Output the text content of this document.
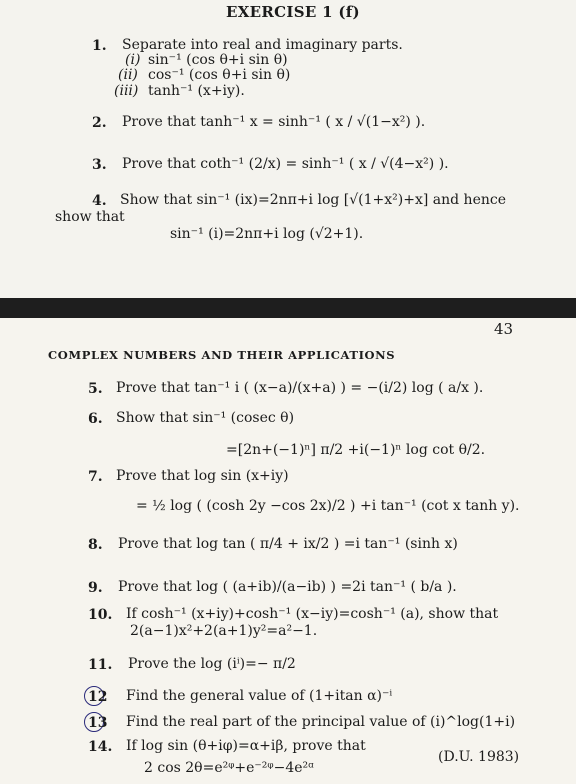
EXERCISE 1 (f)
1. Separate into real and imaginary parts.
(i) sin⁻¹ (cos θ+i sin θ)
(ii) cos⁻¹ (cos θ+i sin θ)
(iii) tanh⁻¹ (x+iy).
2. Prove that tanh⁻¹ x = sinh⁻¹ ( x / √(1−x²) ).
3. Prove that coth⁻¹ (2/x) = sinh⁻¹ ( x / √(4−x²) ).
4. Show that sin⁻¹ (ix)=2nπ+i log [√(1+x²)+x] and hence
show that
sin⁻¹ (i)=2nπ+i log (√2+1).
43
COMPLEX NUMBERS AND THEIR APPLICATIONS
5. Prove that tan⁻¹ i ( (x−a)/(x+a) ) = −(i/2) log ( a/x ).
6. Show that sin⁻¹ (cosec θ)
=[2n+(−1)ⁿ] π/2 +i(−1)ⁿ log cot θ/2.
7. Prove that log sin (x+iy)
= ½ log ( (cosh 2y −cos 2x)/2 ) +i tan⁻¹ (cot x tanh y).
8. Prove that log tan ( π/4 + ix/2 ) =i tan⁻¹ (sinh x)
9. Prove that log ( (a+ib)/(a−ib) ) =2i tan⁻¹ ( b/a ).
10. If cosh⁻¹ (x+iy)+cosh⁻¹ (x−iy)=cosh⁻¹ (a), show that
2(a−1)x²+2(a+1)y²=a²−1.
11. Prove the log (iⁱ)=− π/2
12 Find the general value of (1+itan α)⁻ⁱ
13 Find the real part of the principal value of (i)^log(1+i)
14. If log sin (θ+iφ)=α+iβ, prove that
2 cos 2θ=e²ᵠ+e⁻²ᵠ−4e²ᵅ
(D.U. 1983)
